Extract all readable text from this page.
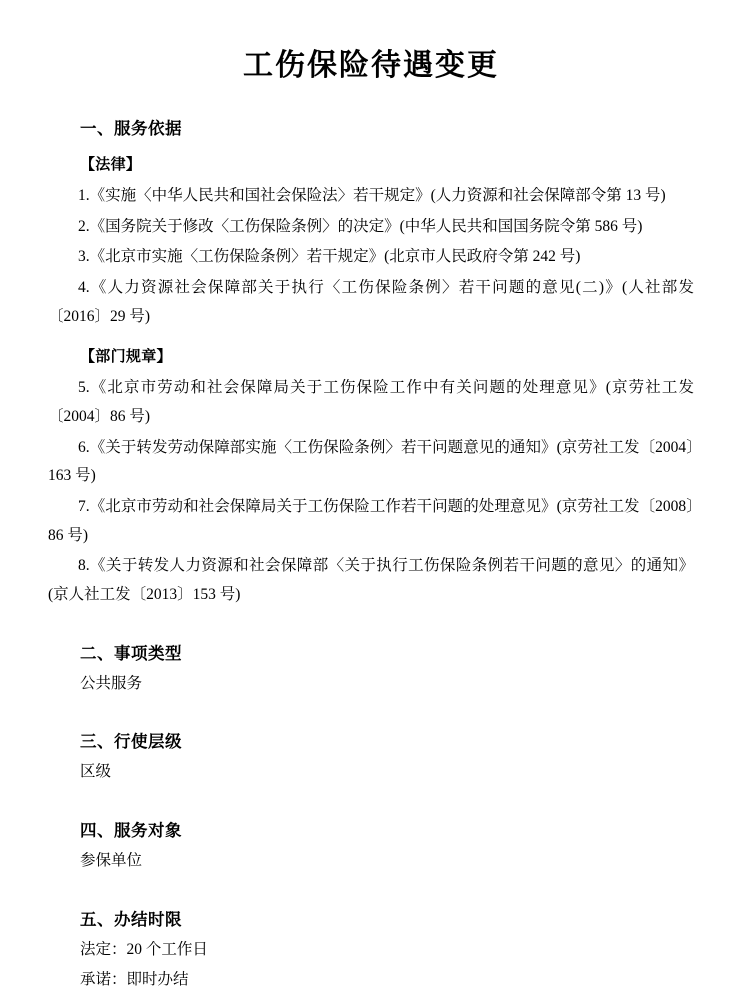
工伤保险待遇变更
一、服务依据
【法律】

1.《实施〈中华人民共和国社会保险法〉若干规定》(人力资源和社会保障部令第 13 号)

2.《国务院关于修改〈工伤保险条例〉的决定》(中华人民共和国国务院令第 586 号)

3.《北京市实施〈工伤保险条例〉若干规定》(北京市人民政府令第 242 号)

4.《人力资源社会保障部关于执行〈工伤保险条例〉若干问题的意见(二)》(人社部发〔2016〕29 号)

【部门规章】

5.《北京市劳动和社会保障局关于工伤保险工作中有关问题的处理意见》(京劳社工发〔2004〕86 号)

6.《关于转发劳动保障部实施〈工伤保险条例〉若干问题意见的通知》(京劳社工发〔2004〕163 号)

7.《北京市劳动和社会保障局关于工伤保险工作若干问题的处理意见》(京劳社工发〔2008〕86 号)

8.《关于转发人力资源和社会保障部〈关于执行工伤保险条例若干问题的意见〉的通知》(京人社工发〔2013〕153 号)

二、事项类型

公共服务

三、行使层级

区级

四、服务对象

参保单位

五、办结时限

法定：20 个工作日

承诺：即时办结
